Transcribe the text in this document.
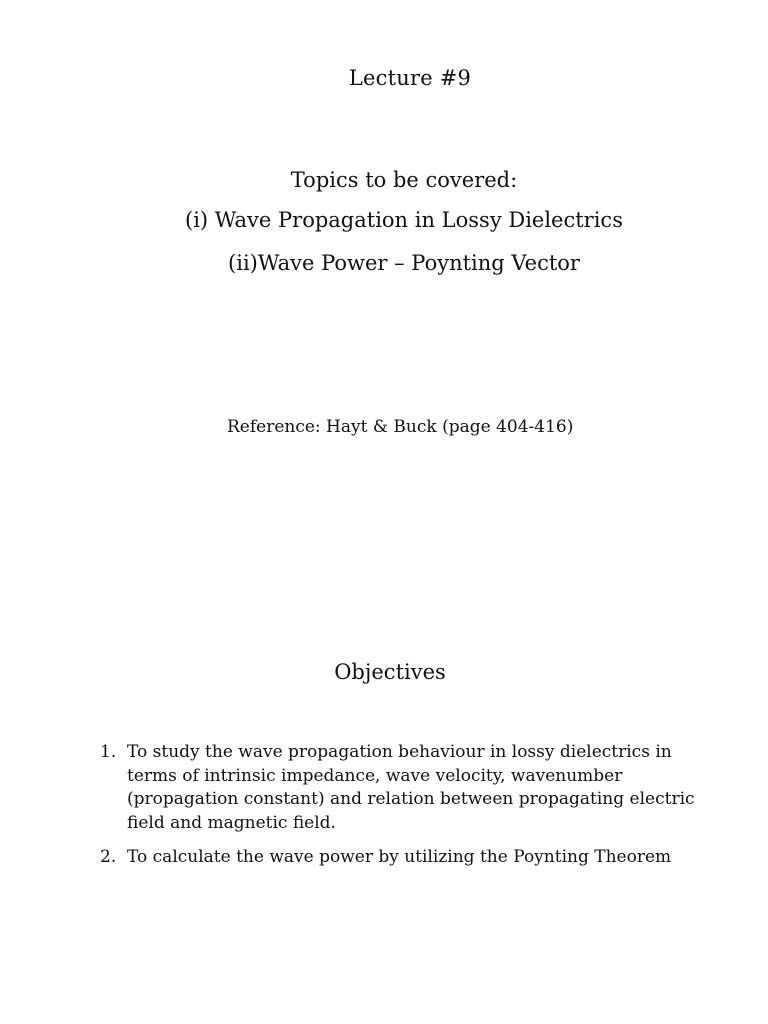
Lecture #9
Topics to be covered:
(i) Wave Propagation in Lossy Dielectrics
(ii)Wave Power – Poynting Vector
Reference: Hayt & Buck (page 404-416)
Objectives
1. To study the wave propagation behaviour in lossy dielectrics in terms of intrinsic impedance, wave velocity, wavenumber (propagation constant) and relation between propagating electric field and magnetic field.
2. To calculate the wave power by utilizing the Poynting Theorem
